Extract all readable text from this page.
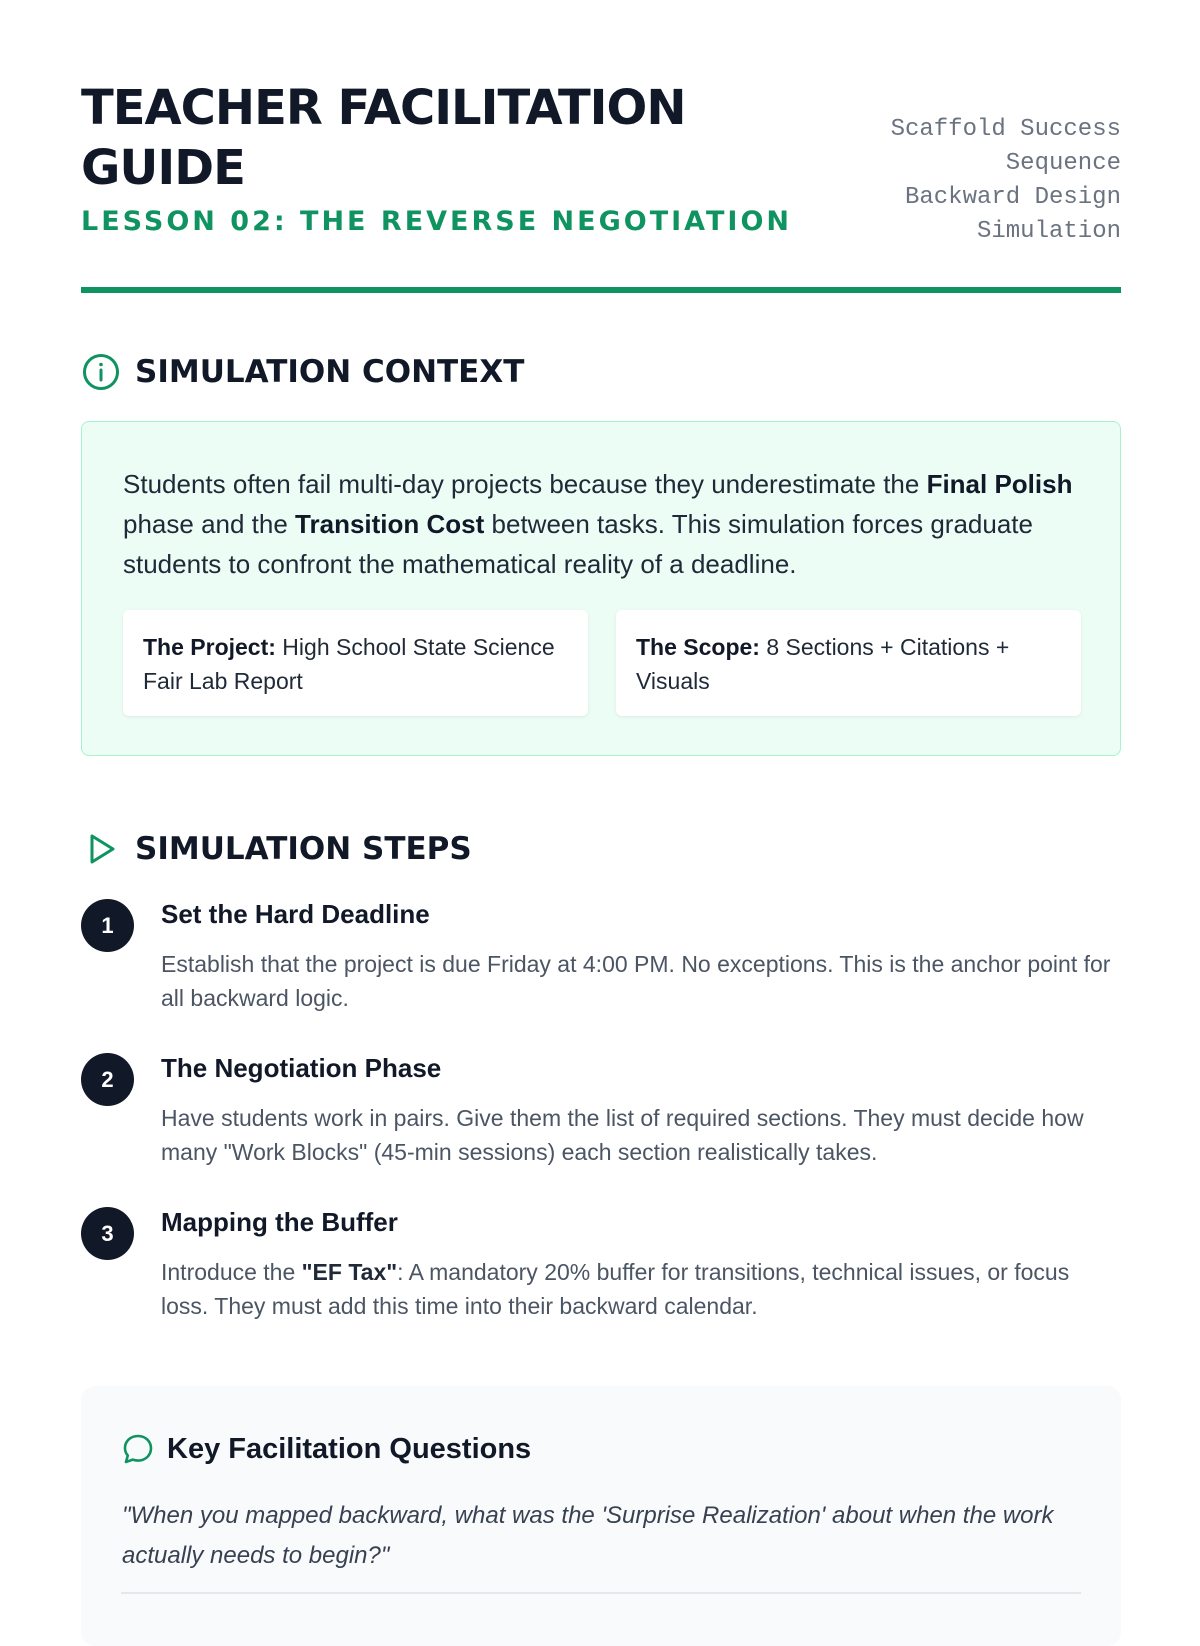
TEACHER FACILITATION GUIDE
LESSON 02: THE REVERSE NEGOTIATION
Scaffold Success
Sequence
Backward Design
Simulation
SIMULATION CONTEXT
Students often fail multi-day projects because they underestimate the Final Polish phase and the Transition Cost between tasks. This simulation forces graduate students to confront the mathematical reality of a deadline.
The Project: High School State Science Fair Lab Report
The Scope: 8 Sections + Citations + Visuals
SIMULATION STEPS
1	Set the Hard Deadline
Establish that the project is due Friday at 4:00 PM. No exceptions. This is the anchor point for all backward logic.
2	The Negotiation Phase
Have students work in pairs. Give them the list of required sections. They must decide how many "Work Blocks" (45-min sessions) each section realistically takes.
3	Mapping the Buffer
Introduce the "EF Tax": A mandatory 20% buffer for transitions, technical issues, or focus loss. They must add this time into their backward calendar.
Key Facilitation Questions
"When you mapped backward, what was the 'Surprise Realization' about when the work actually needs to begin?"
